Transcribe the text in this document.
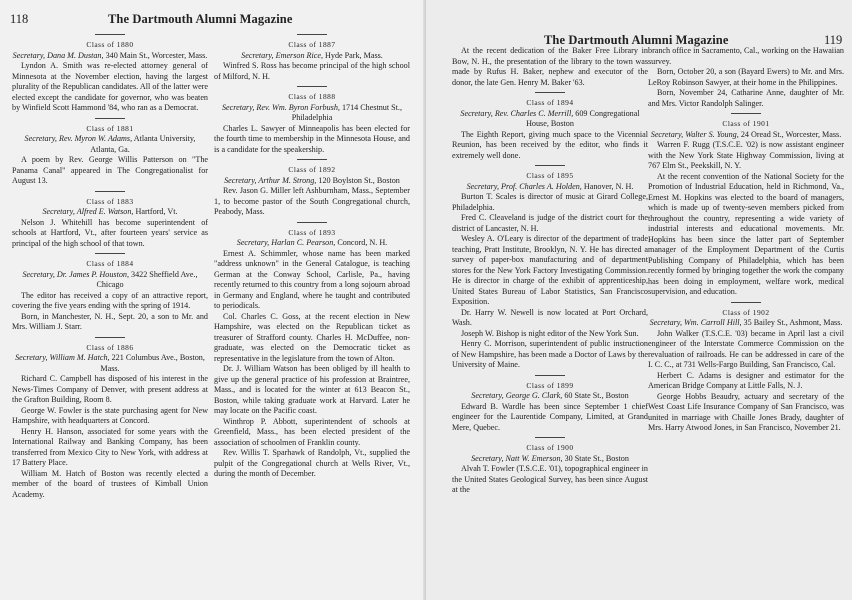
118	The Dartmouth Alumni Magazine
Class of 1880
Secretary, Dana M. Dustan, 340 Main St., Worcester, Mass.

Lyndon A. Smith was re-elected attorney general of Minnesota at the November election, having the largest plurality of the Republican candidates. All of the latter were elected except the candidate for governor, who was beaten by Winfield Scott Hammond '84, who ran as a Democrat.

Class of 1881
Secretary, Rev. Myron W. Adams, Atlanta University, Atlanta, Ga.

A poem by Rev. George Willis Patterson on "The Panama Canal" appeared in The Congregationalist for August 13.

Class of 1883
Secretary, Alfred E. Watson, Hartford, Vt.

Nelson J. Whitehill has become superintendent of schools at Hartford, Vt., after fourteen years' service as principal of the high school of that town.

Class of 1884
Secretary, Dr. James P. Houston, 3422 Sheffield Ave., Chicago

The editor has received a copy of an attractive report, covering the five years ending with the spring of 1914.

Born, in Manchester, N. H., Sept. 20, a son to Mr. and Mrs. William J. Starr.

Class of 1886
Secretary, William M. Hatch, 221 Columbus Ave., Boston, Mass.

Richard C. Campbell has disposed of his interest in the News-Times Company of Denver, with present address at the Grafton Building, Room 8.

George W. Fowler is the state purchasing agent for New Hampshire, with headquarters at Concord.

Henry H. Hanson, associated for some years with the International Railway and Banking Company, has been transferred from Mexico City to New York, with address at 17 Battery Place.

William M. Hatch of Boston was recently elected a member of the board of trustees of Kimball Union Academy.

Class of 1887
Secretary, Emerson Rice, Hyde Park, Mass.

Winfred S. Ross has become principal of the high school of Milford, N. H.

Class of 1888
Secretary, Rev. Wm. Byron Forbush, 1714 Chestnut St., Philadelphia

Charles L. Sawyer of Minneapolis has been elected for the fourth time to membership in the Minnesota House, and is a candidate for the speakership.

Class of 1892
Secretary, Arthur M. Strong, 120 Boylston St., Boston

Rev. Jason G. Miller left Ashburnham, Mass., September 1, to become pastor of the South Congregational church, Peabody, Mass.

Class of 1893
Secretary, Harlan C. Pearson, Concord, N. H.

Ernest A. Schimmler, whose name has been marked "address unknown" in the General Catalogue, is teaching German at the Conway School, Carlisle, Pa., having recently returned to this country from a long sojourn abroad in Germany and England, where he taught and contributed to periodicals.

Col. Charles C. Goss, at the recent election in New Hampshire, was elected on the Republican ticket as treasurer of Strafford county. Charles H. McDuffee, non-graduate, was elected on the Democratic ticket as representative in the legislature from the town of Alton.

Dr. J. William Watson has been obliged by ill health to give up the general practice of his profession at Braintree, Mass., and is located for the winter at 613 Beacon St., Boston, while taking graduate work at Harvard. Later he may locate on the Pacific coast.

Winthrop P. Abbott, superintendent of schools at Greenfield, Mass., has been elected president of the association of schoolmen of Franklin county.

Rev. Willis T. Sparhawk of Randolph, Vt., supplied the pulpit of the Congregational church at Wells River, Vt., during the month of December.

The Dartmouth Alumni Magazine	119

At the recent dedication of the Baker Free Library in Bow, N. H., the presentation of the library to the town was made by Rufus H. Baker, nephew and executor of the donor, the late Gen. Henry M. Baker '63.

Class of 1894
Secretary, Rev. Charles C. Merrill, 609 Congregational House, Boston

The Eighth Report, giving much space to the Vicennial Reunion, has been received by the editor, who finds it extremely well done.

Class of 1895
Secretary, Prof. Charles A. Holden, Hanover, N. H.

Burton T. Scales is director of music at Girard College, Philadelphia.

Fred C. Cleaveland is judge of the district court for the district of Lancaster, N. H.

Wesley A. O'Leary is director of the department of trade teaching, Pratt Institute, Brooklyn, N. Y. He has directed a survey of paper-box manufacturing and of department stores for the New York Factory Investigating Commission. He is director in charge of the exhibit of apprenticeship, United States Bureau of Labor Statistics, San Francisco Exposition.

Dr. Harry W. Newell is now located at Port Orchard, Wash.

Joseph W. Bishop is night editor of the New York Sun.

Henry C. Morrison, superintendent of public instruction of New Hampshire, has been made a Doctor of Laws by the University of Maine.

Class of 1899
Secretary, George G. Clark, 60 State St., Boston

Edward B. Wardle has been since September 1 chief engineer for the Laurentide Company, Limited, at Grand Mere, Quebec.

Class of 1900
Secretary, Natt W. Emerson, 30 State St., Boston

Alvah T. Fowler (T.S.C.E. '01), topographical engineer in the United States Geological Survey, has been since August at the

branch office in Sacramento, Cal., working on the Hawaiian survey.

Born, October 20, a son (Bayard Ewers) to Mr. and Mrs. LeRoy Robinson Sawyer, at their home in the Philippines.

Born, November 24, Catharine Anne, daughter of Mr. and Mrs. Victor Randolph Salinger.

Class of 1901
Secretary, Walter S. Young, 24 Oread St., Worcester, Mass.

Warren F. Rugg (T.S.C.E. '02) is now assistant engineer with the New York State Highway Commission, living at 767 Elm St., Peekskill, N. Y.

At the recent convention of the National Society for the Promotion of Industrial Education, held in Richmond, Va., Ernest M. Hopkins was elected to the board of managers, which is made up of twenty-seven members picked from throughout the country, representing a wide variety of industrial interests and educational movements. Mr. Hopkins has been since the latter part of September manager of the Employment Department of the Curtis Publishing Company of Philadelphia, which has been recently formed by bringing together the work the company has been doing in employment, welfare work, medical supervision, and education.

Class of 1902
Secretary, Wm. Carroll Hill, 35 Bailey St., Ashmont, Mass.

John Walker (T.S.C.E. '03) became in April last a civil engineer of the Interstate Commerce Commission on the revaluation of railroads. He can be addressed in care of the I. C. C., at 731 Wells-Fargo Building, San Francisco, Cal.

Herbert C. Adams is designer and estimator for the American Bridge Company at Little Falls, N. J.

George Hobbs Beaudry, actuary and secretary of the West Coast Life Insurance Company of San Francisco, was united in marriage with Chaille Jones Brady, daughter of Mrs. Harry Atwood Jones, in San Francisco, November 21.
